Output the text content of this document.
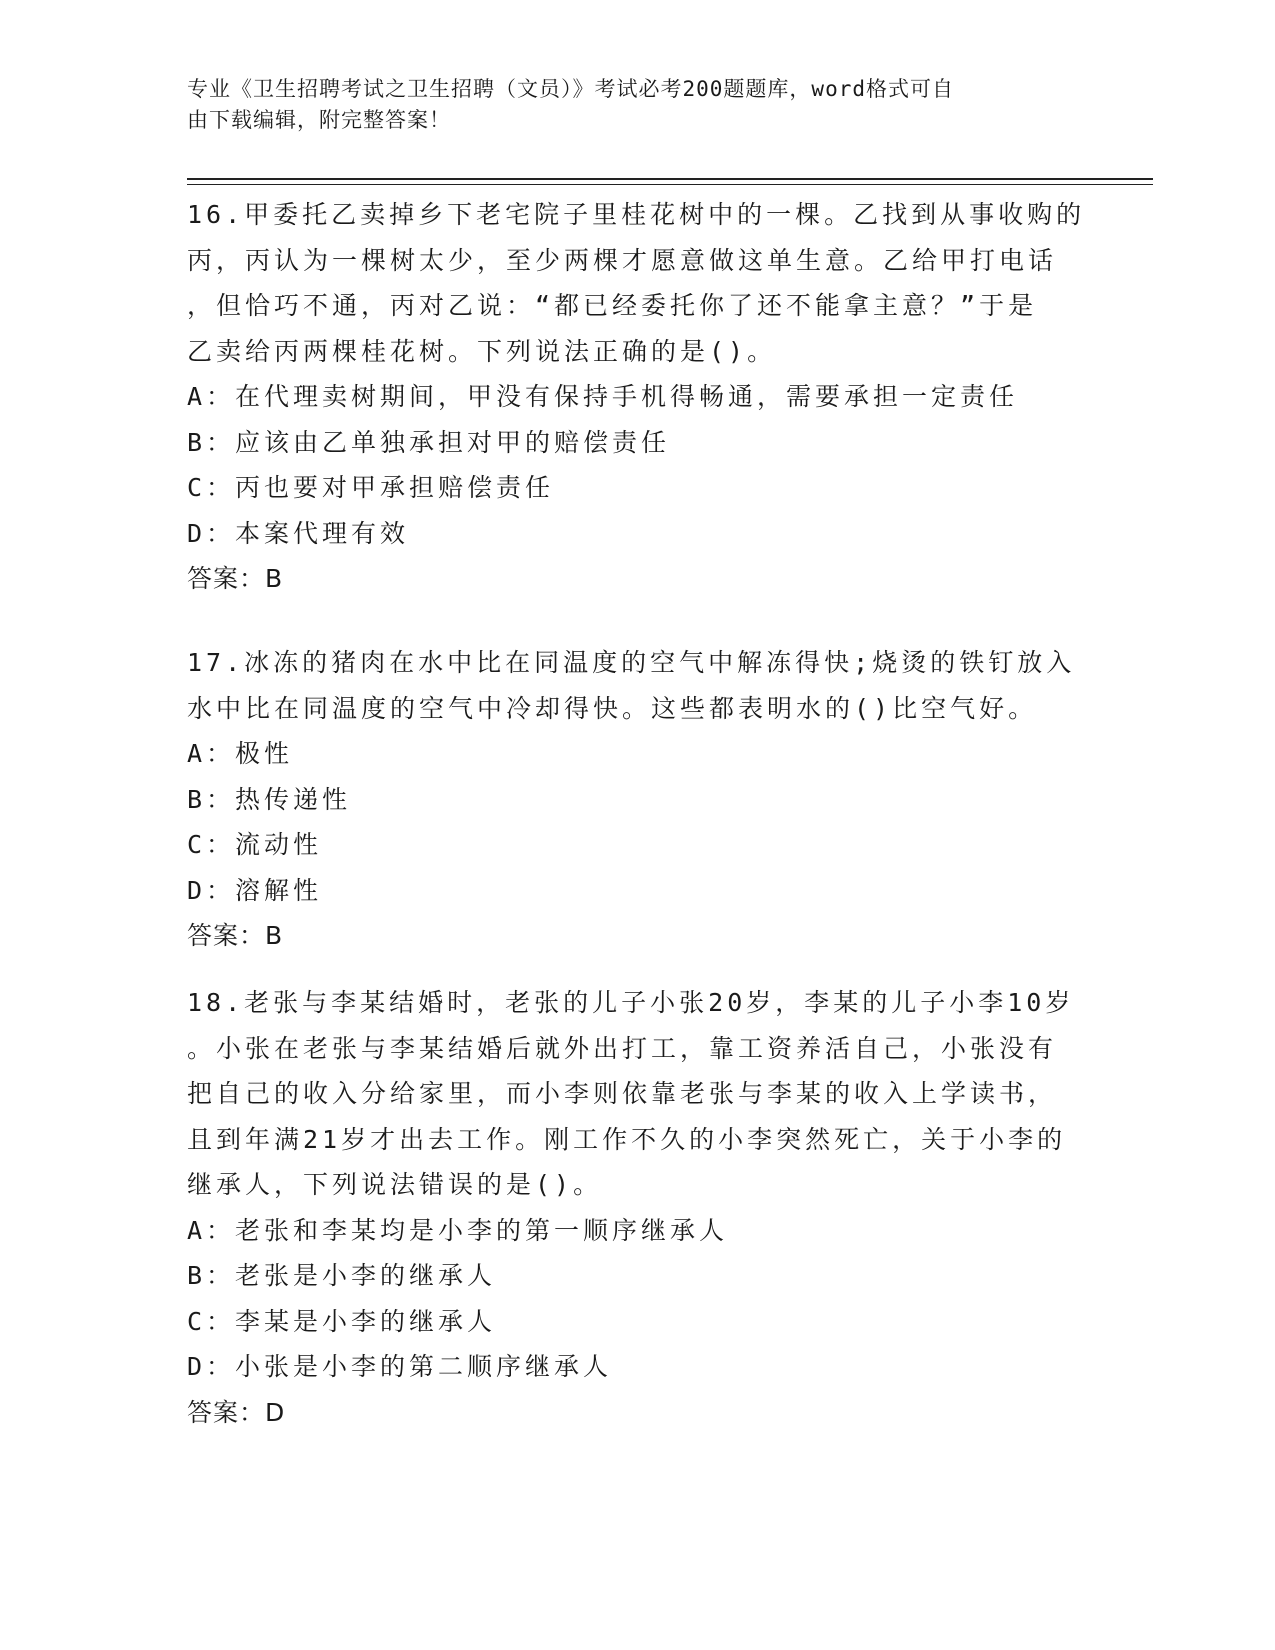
专业《卫生招聘考试之卫生招聘（文员）》考试必考200题题库，word格式可自
由下载编辑，附完整答案！
16.甲委托乙卖掉乡下老宅院子里桂花树中的一棵。乙找到从事收购的
丙，丙认为一棵树太少，至少两棵才愿意做这单生意。乙给甲打电话
，但恰巧不通，丙对乙说：“都已经委托你了还不能拿主意？”于是
乙卖给丙两棵桂花树。下列说法正确的是()。
A：在代理卖树期间，甲没有保持手机得畅通，需要承担一定责任
B：应该由乙单独承担对甲的赔偿责任
C：丙也要对甲承担赔偿责任
D：本案代理有效
答案：B
17.冰冻的猪肉在水中比在同温度的空气中解冻得快;烧烫的铁钉放入
水中比在同温度的空气中冷却得快。这些都表明水的()比空气好。
A：极性
B：热传递性
C：流动性
D：溶解性
答案：B
18.老张与李某结婚时，老张的儿子小张20岁，李某的儿子小李10岁
。小张在老张与李某结婚后就外出打工，靠工资养活自己，小张没有
把自己的收入分给家里，而小李则依靠老张与李某的收入上学读书，
且到年满21岁才出去工作。刚工作不久的小李突然死亡，关于小李的
继承人，下列说法错误的是()。
A：老张和李某均是小李的第一顺序继承人
B：老张是小李的继承人
C：李某是小李的继承人
D：小张是小李的第二顺序继承人
答案：D
